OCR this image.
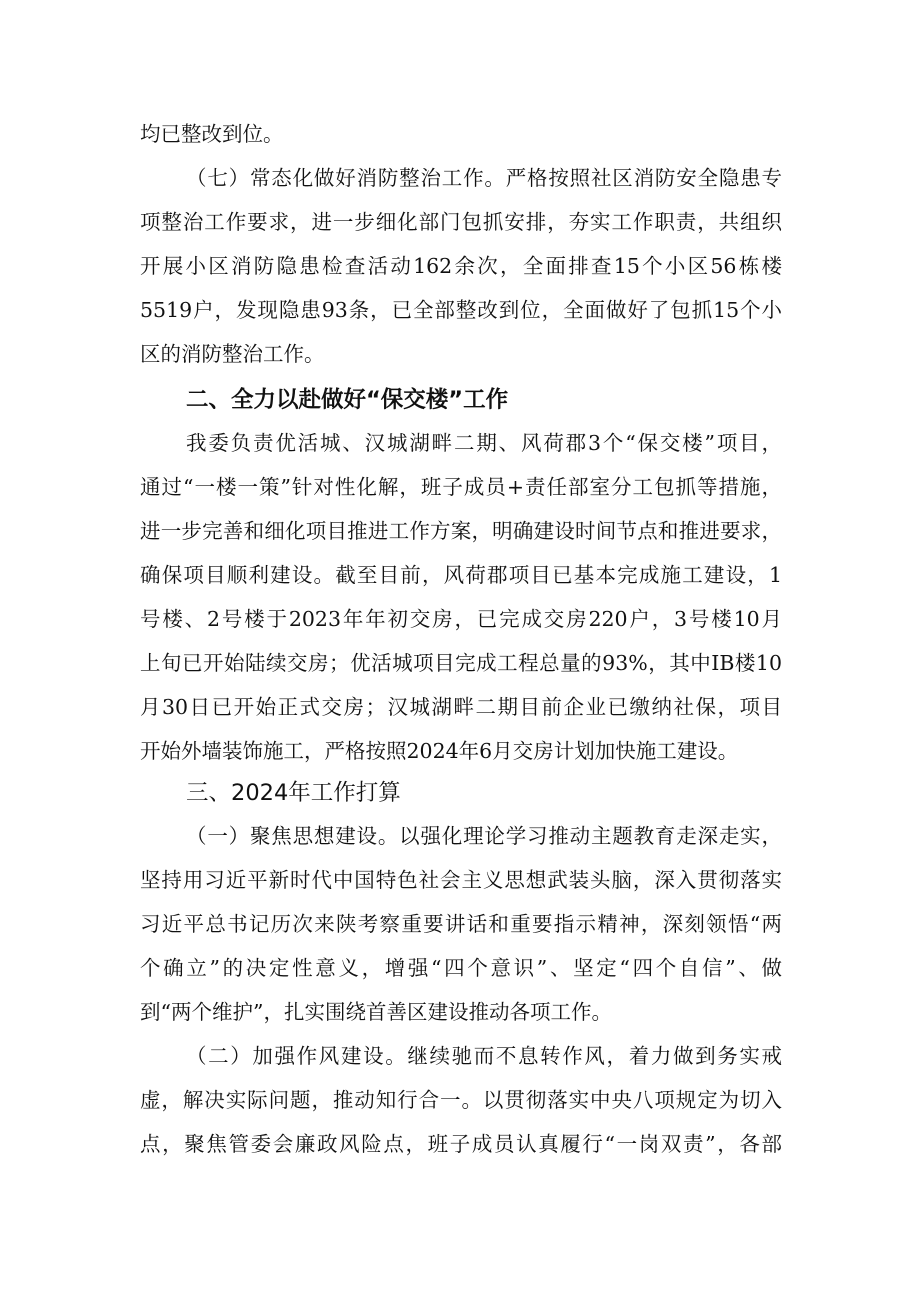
均已整改到位。
（七）常态化做好消防整治工作。严格按照社区消防安全隐患专
项整治工作要求，进一步细化部门包抓安排，夯实工作职责，共组织
开展小区消防隐患检查活动162余次，全面排查15个小区56栋楼
5519户，发现隐患93条，已全部整改到位，全面做好了包抓15个小
区的消防整治工作。
二、全力以赴做好“保交楼”工作
我委负责优活城、汉城湖畔二期、风荷郡3个“保交楼”项目，
通过“一楼一策”针对性化解，班子成员+责任部室分工包抓等措施，
进一步完善和细化项目推进工作方案，明确建设时间节点和推进要求，
确保项目顺利建设。截至目前，风荷郡项目已基本完成施工建设，1
号楼、2号楼于2023年年初交房，已完成交房220户，3号楼10月
上旬已开始陆续交房；优活城项目完成工程总量的93%，其中IB楼10
月30日已开始正式交房；汉城湖畔二期目前企业已缴纳社保，项目
开始外墙装饰施工，严格按照2024年6月交房计划加快施工建设。
三、2024年工作打算
（一）聚焦思想建设。以强化理论学习推动主题教育走深走实，
坚持用习近平新时代中国特色社会主义思想武装头脑，深入贯彻落实
习近平总书记历次来陕考察重要讲话和重要指示精神，深刻领悟“两
个确立”的决定性意义，增强“四个意识”、坚定“四个自信”、做
到“两个维护”，扎实围绕首善区建设推动各项工作。
（二）加强作风建设。继续驰而不息转作风，着力做到务实戒
虚，解决实际问题，推动知行合一。以贯彻落实中央八项规定为切入
点，聚焦管委会廉政风险点，班子成员认真履行“一岗双责”，各部
